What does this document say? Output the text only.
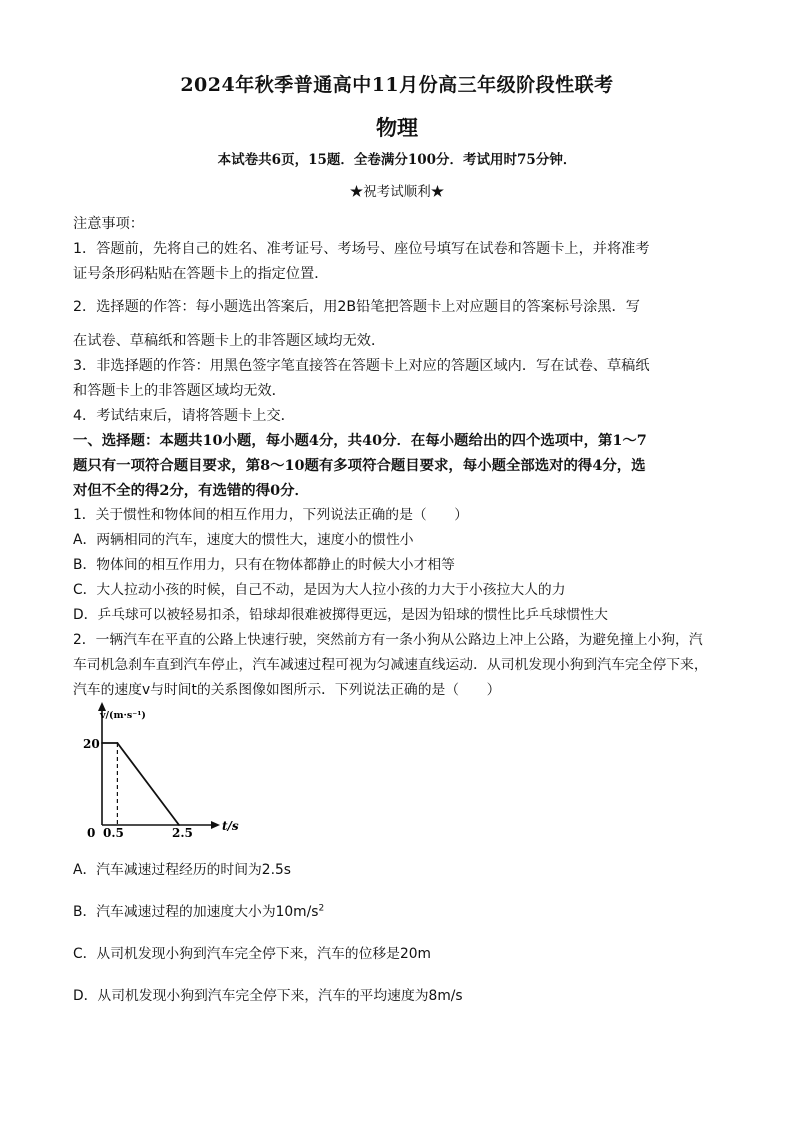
2024年秋季普通高中11月份高三年级阶段性联考
物理
本试卷共6页，15题．全卷满分100分．考试用时75分钟．
★祝考试顺利★
注意事项：
1．答题前，先将自己的姓名、准考证号、考场号、座位号填写在试卷和答题卡上，并将准考
证号条形码粘贴在答题卡上的指定位置．
2．选择题的作答：每小题选出答案后，用2B铅笔把答题卡上对应题目的答案标号涂黑．写
在试卷、草稿纸和答题卡上的非答题区域均无效．
3．非选择题的作答：用黑色签字笔直接答在答题卡上对应的答题区域内．写在试卷、草稿纸
和答题卡上的非答题区域均无效．
4．考试结束后，请将答题卡上交．
一、选择题：本题共10小题，每小题4分，共40分．在每小题给出的四个选项中，第1～7
题只有一项符合题目要求，第8～10题有多项符合题目要求，每小题全部选对的得4分，选
对但不全的得2分，有选错的得0分．
1．关于惯性和物体间的相互作用力，下列说法正确的是（　　）
A．两辆相同的汽车，速度大的惯性大，速度小的惯性小
B．物体间的相互作用力，只有在物体都静止的时候大小才相等
C．大人拉动小孩的时候，自己不动，是因为大人拉小孩的力大于小孩拉大人的力
D．乒乓球可以被轻易扣杀，铅球却很难被掷得更远，是因为铅球的惯性比乒乓球惯性大
2．一辆汽车在平直的公路上快速行驶，突然前方有一条小狗从公路边上冲上公路，为避免撞上小狗，汽
车司机急刹车直到汽车停止，汽车减速过程可视为匀减速直线运动．从司机发现小狗到汽车完全停下来，
汽车的速度v与时间t的关系图像如图所示．下列说法正确的是（　　）
v/(m·s⁻¹)
t/s
20
0 0.5	2.5
A．汽车减速过程经历的时间为2.5s
B．汽车减速过程的加速度大小为$10m/s^2$
C．从司机发现小狗到汽车完全停下来，汽车的位移是20m
D．从司机发现小狗到汽车完全停下来，汽车的平均速度为8m/s
